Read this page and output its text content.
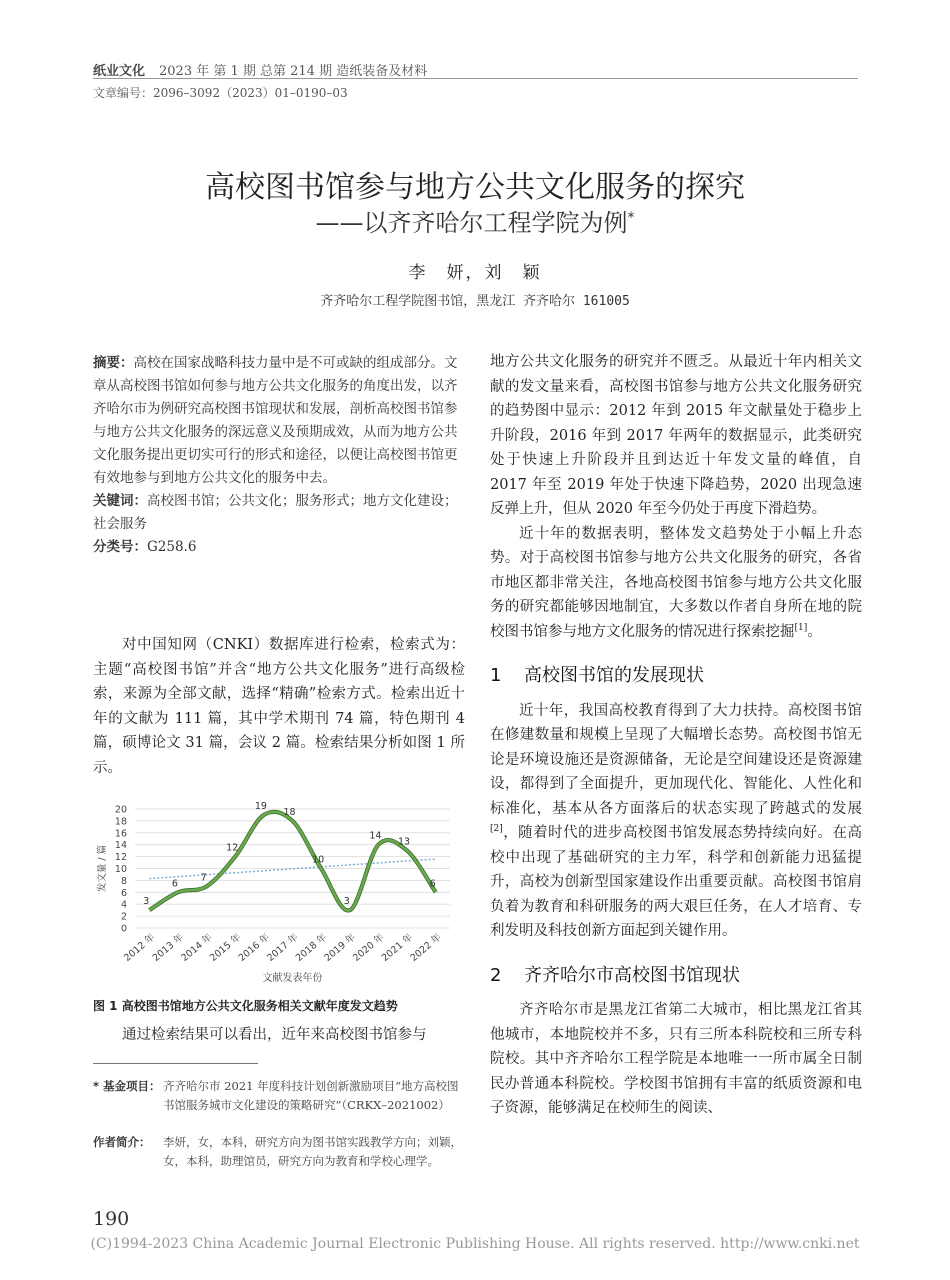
纸业文化 2023 年 第 1 期 总第 214 期 造纸装备及材料
文章编号：2096–3092（2023）01–0190–03
高校图书馆参与地方公共文化服务的探究
——以齐齐哈尔工程学院为例*
李　妍，刘　颖
齐齐哈尔工程学院图书馆，黑龙江 齐齐哈尔 161005

摘要：高校在国家战略科技力量中是不可或缺的组成部分。文章从高校图书馆如何参与地方公共文化服务的角度出发，以齐齐哈尔市为例研究高校图书馆现状和发展，剖析高校图书馆参与地方公共文化服务的深远意义及预期成效，从而为地方公共文化服务提出更切实可行的形式和途径，以便让高校图书馆更有效地参与到地方公共文化的服务中去。

关键词：高校图书馆；公共文化；服务形式；地方文化建设；社会服务

分类号：G258.6

对中国知网（CNKI）数据库进行检索，检索式为：主题“高校图书馆”并含“地方公共文化服务”进行高级检索，来源为全部文献，选择“精确”检索方式。检索出近十年的文献为 111 篇，其中学术期刊 74 篇，特色期刊 4 篇，硕博论文 31 篇，会议 2 篇。检索结果分析如图 1 所示。

0
2
4
6
8
10
12
14
16
18
20
2012 年
2013 年
2014 年
2015 年
2016 年
2017 年
2018 年
2019 年
2020 年
2021 年
2022 年
3
6
7
12
19
18
10
3
14
13
6
发文量 / 篇
文献发表年份
图 1 高校图书馆地方公共文化服务相关文献年度发文趋势

通过检索结果可以看出，近年来高校图书馆参与

* 基金项目： 齐齐哈尔市 2021 年度科技计划创新激励项目“地方高校图书馆服务城市文化建设的策略研究”（CRKX–2021002）
作者简介： 李妍，女，本科，研究方向为图书馆实践教学方向；刘颖，女，本科，助理馆员，研究方向为教育和学校心理学。

地方公共文化服务的研究并不匮乏。从最近十年内相关文献的发文量来看，高校图书馆参与地方公共文化服务研究的趋势图中显示：2012 年到 2015 年文献量处于稳步上升阶段，2016 年到 2017 年两年的数据显示，此类研究处于快速上升阶段并且到达近十年发文量的峰值，自 2017 年至 2019 年处于快速下降趋势，2020 出现急速反弹上升，但从 2020 年至今仍处于再度下滑趋势。

近十年的数据表明，整体发文趋势处于小幅上升态势。对于高校图书馆参与地方公共文化服务的研究，各省市地区都非常关注，各地高校图书馆参与地方公共文化服务的研究都能够因地制宜，大多数以作者自身所在地的院校图书馆参与地方文化服务的情况进行探索挖掘[1]。

1 高校图书馆的发展现状

近十年，我国高校教育得到了大力扶持。高校图书馆在修建数量和规模上呈现了大幅增长态势。高校图书馆无论是环境设施还是资源储备，无论是空间建设还是资源建设，都得到了全面提升，更加现代化、智能化、人性化和标准化，基本从各方面落后的状态实现了跨越式的发展[2]，随着时代的进步高校图书馆发展态势持续向好。在高校中出现了基础研究的主力军，科学和创新能力迅猛提升，高校为创新型国家建设作出重要贡献。高校图书馆肩负着为教育和科研服务的两大艰巨任务，在人才培育、专利发明及科技创新方面起到关键作用。

2 齐齐哈尔市高校图书馆现状

齐齐哈尔市是黑龙江省第二大城市，相比黑龙江省其他城市，本地院校并不多，只有三所本科院校和三所专科院校。其中齐齐哈尔工程学院是本地唯一一所市属全日制民办普通本科院校。学校图书馆拥有丰富的纸质资源和电子资源，能够满足在校师生的阅读、

190
(C)1994-2023 China Academic Journal Electronic Publishing House. All rights reserved. http://www.cnki.net
